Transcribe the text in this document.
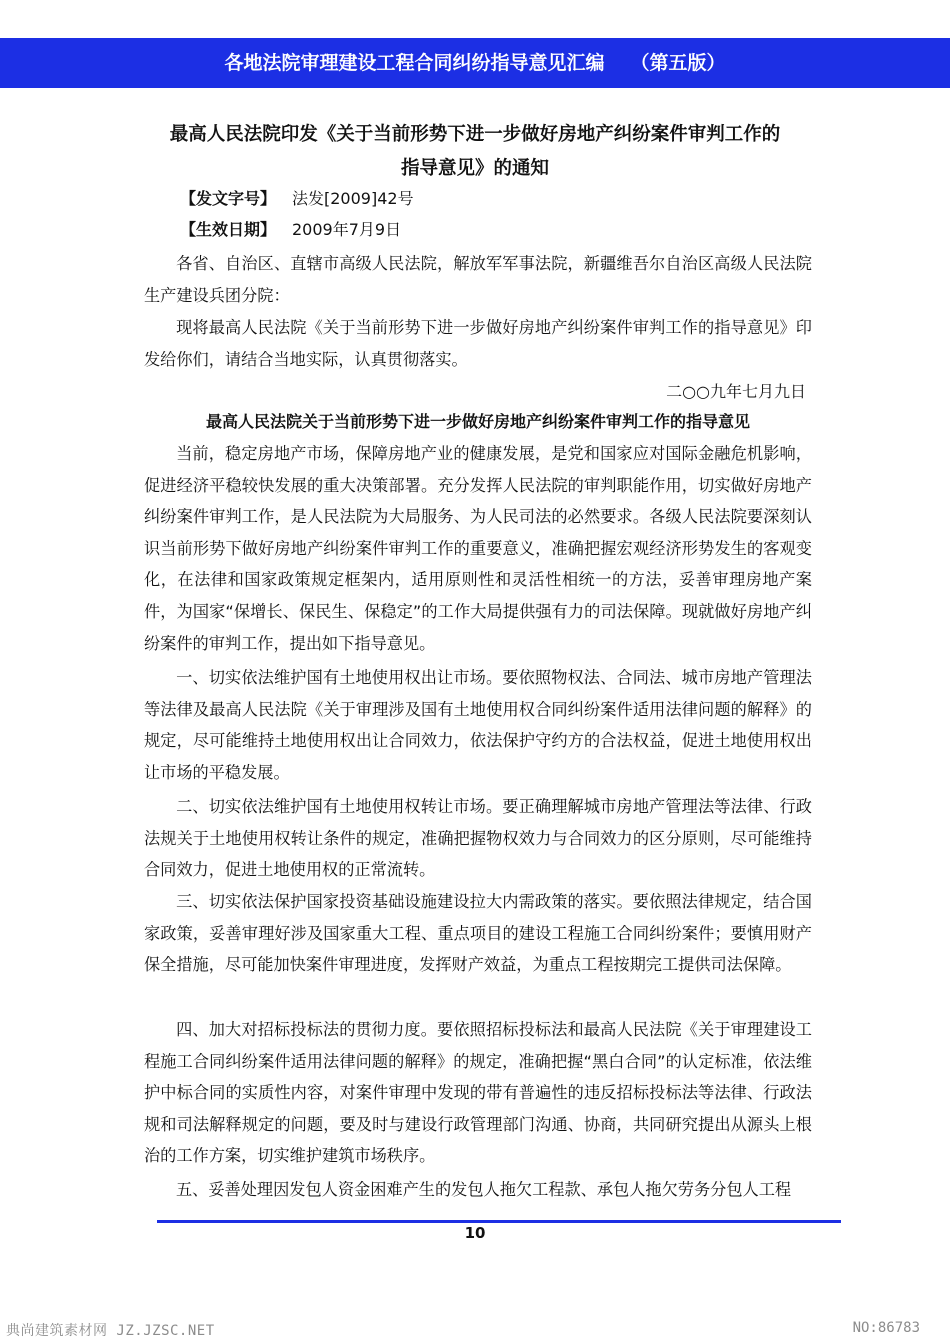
各地法院审理建设工程合同纠纷指导意见汇编 （第五版）
最高人民法院印发《关于当前形势下进一步做好房地产纠纷案件审判工作的
指导意见》的通知
【发文字号】 法发[2009]42号
【生效日期】 2009年7月9日
各省、自治区、直辖市高级人民法院，解放军军事法院，新疆维吾尔自治区高级人民法院生产建设兵团分院：
现将最高人民法院《关于当前形势下进一步做好房地产纠纷案件审判工作的指导意见》印发给你们，请结合当地实际，认真贯彻落实。
二○○九年七月九日
最高人民法院关于当前形势下进一步做好房地产纠纷案件审判工作的指导意见
当前，稳定房地产市场，保障房地产业的健康发展，是党和国家应对国际金融危机影响，促进经济平稳较快发展的重大决策部署。充分发挥人民法院的审判职能作用，切实做好房地产纠纷案件审判工作，是人民法院为大局服务、为人民司法的必然要求。各级人民法院要深刻认识当前形势下做好房地产纠纷案件审判工作的重要意义，准确把握宏观经济形势发生的客观变化，在法律和国家政策规定框架内，适用原则性和灵活性相统一的方法，妥善审理房地产案件，为国家“保增长、保民生、保稳定”的工作大局提供强有力的司法保障。现就做好房地产纠纷案件的审判工作，提出如下指导意见。
一、切实依法维护国有土地使用权出让市场。要依照物权法、合同法、城市房地产管理法等法律及最高人民法院《关于审理涉及国有土地使用权合同纠纷案件适用法律问题的解释》的规定，尽可能维持土地使用权出让合同效力，依法保护守约方的合法权益，促进土地使用权出让市场的平稳发展。
二、切实依法维护国有土地使用权转让市场。要正确理解城市房地产管理法等法律、行政法规关于土地使用权转让条件的规定，准确把握物权效力与合同效力的区分原则，尽可能维持合同效力，促进土地使用权的正常流转。
三、切实依法保护国家投资基础设施建设拉大内需政策的落实。要依照法律规定，结合国家政策，妥善审理好涉及国家重大工程、重点项目的建设工程施工合同纠纷案件；要慎用财产保全措施，尽可能加快案件审理进度，发挥财产效益，为重点工程按期完工提供司法保障。
四、加大对招标投标法的贯彻力度。要依照招标投标法和最高人民法院《关于审理建设工程施工合同纠纷案件适用法律问题的解释》的规定，准确把握“黑白合同”的认定标准，依法维护中标合同的实质性内容，对案件审理中发现的带有普遍性的违反招标投标法等法律、行政法规和司法解释规定的问题，要及时与建设行政管理部门沟通、协商，共同研究提出从源头上根治的工作方案，切实维护建筑市场秩序。
五、妥善处理因发包人资金困难产生的发包人拖欠工程款、承包人拖欠劳务分包人工程
10
典尚建筑素材网 JZ.JZSC.NET	NO:86783
